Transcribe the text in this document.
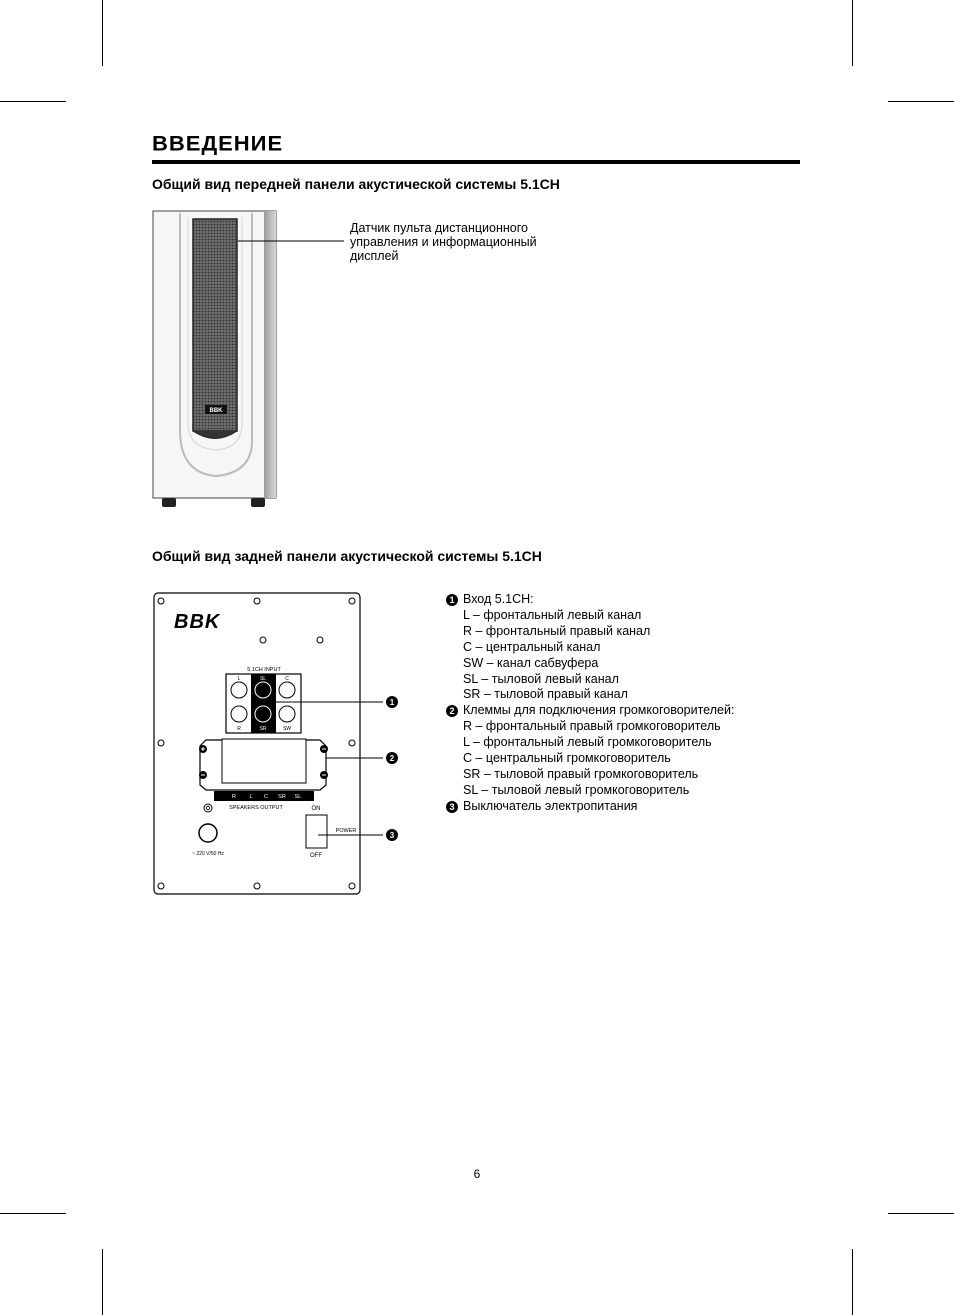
ВВЕДЕНИЕ
Общий вид передней панели акустической системы 5.1CH
BBK
Датчик пульта дистанционного управления и информационный дисплей
Общий вид задней панели акустической системы 5.1CH
BBK
5.1CH INPUT
L	SL	C
R	SR	SW
R L C SR SL
SPEAKERS OUTPUT
~ 220 V/50 Hz
ON
OFF
POWER
1
2
3
1 Вход 5.1CH:
L – фронтальный левый канал
R – фронтальный правый канал
C – центральный канал
SW – канал сабвуфера
SL – тыловой левый канал
SR – тыловой правый канал
2 Клеммы для подключения громкоговорителей:
R – фронтальный правый громкоговоритель
L – фронтальный левый громкоговоритель
C – центральный громкоговоритель
SR – тыловой правый громкоговоритель
SL – тыловой левый громкоговоритель
3 Выключатель электропитания
6
